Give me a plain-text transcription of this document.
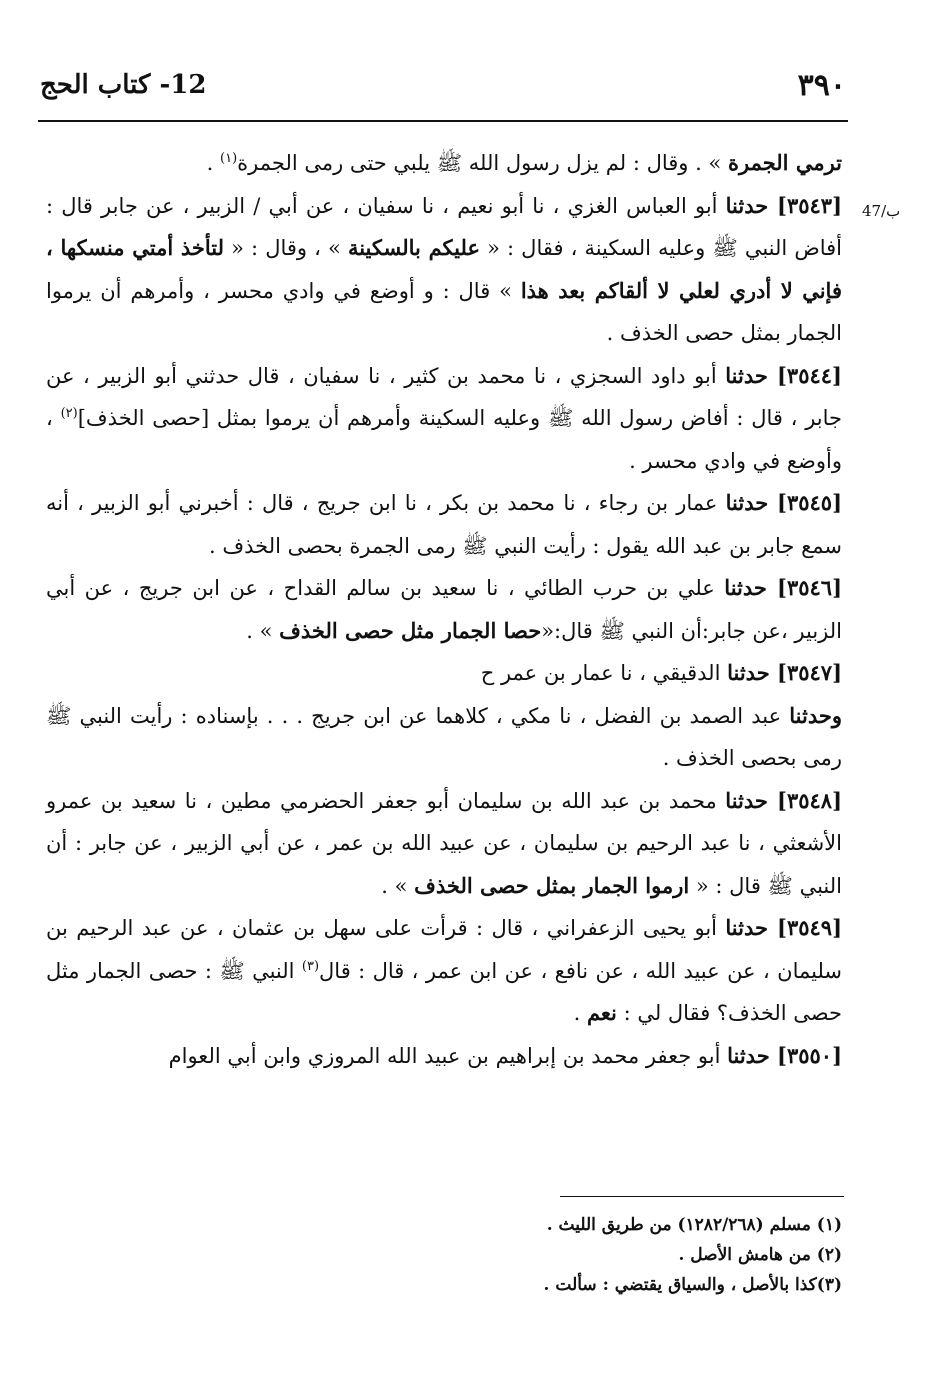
٣٩٠
12- كتاب الحج
47/ب

ترمي الجمرة » . وقال : لم يزل رسول الله ﷺ يلبي حتى رمى الجمرة$^{(١)}$ .

[٣٥٤٣] حدثنا أبو العباس الغزي ، نا أبو نعيم ، نا سفيان ، عن أبي / الزبير ، عن جابر قال : أفاض النبي ﷺ وعليه السكينة ، فقال : « عليكم بالسكينة » ، وقال : « لتأخذ أمتي منسكها ، فإني لا أدري لعلي لا ألقاكم بعد هذا » قال : و أوضع في وادي محسر ، وأمرهم أن يرموا الجمار بمثل حصى الخذف .

[٣٥٤٤] حدثنا أبو داود السجزي ، نا محمد بن كثير ، نا سفيان ، قال حدثني أبو الزبير ، عن جابر ، قال : أفاض رسول الله ﷺ وعليه السكينة وأمرهم أن يرموا بمثل [حصى الخذف]$^{(٢)}$ ، وأوضع في وادي محسر .

[٣٥٤٥] حدثنا عمار بن رجاء ، نا محمد بن بكر ، نا ابن جريج ، قال : أخبرني أبو الزبير ، أنه سمع جابر بن عبد الله يقول : رأيت النبي ﷺ رمى الجمرة بحصى الخذف .

[٣٥٤٦] حدثنا علي بن حرب الطائي ، نا سعيد بن سالم القداح ، عن ابن جريج ، عن أبي الزبير ،عن جابر:أن النبي ﷺ قال:«حصا الجمار مثل حصى الخذف » .

[٣٥٤٧] حدثنا الدقيقي ، نا عمار بن عمر ح

وحدثنا عبد الصمد بن الفضل ، نا مكي ، كلاهما عن ابن جريج . . . بإسناده : رأيت النبي ﷺ رمى بحصى الخذف .

[٣٥٤٨] حدثنا محمد بن عبد الله بن سليمان أبو جعفر الحضرمي مطين ، نا سعيد بن عمرو الأشعثي ، نا عبد الرحيم بن سليمان ، عن عبيد الله بن عمر ، عن أبي الزبير ، عن جابر : أن النبي ﷺ قال : « ارموا الجمار بمثل حصى الخذف » .

[٣٥٤٩] حدثنا أبو يحيى الزعفراني ، قال : قرأت على سهل بن عثمان ، عن عبد الرحيم بن سليمان ، عن عبيد الله ، عن نافع ، عن ابن عمر ، قال : قال$^{(٣)}$ النبي ﷺ : حصى الجمار مثل حصى الخذف؟ فقال لي : نعم .

[٣٥٥٠] حدثنا أبو جعفر محمد بن إبراهيم بن عبيد الله المروزي وابن أبي العوام

(١) مسلم (١٢٨٢/٢٦٨) من طريق الليث .

(٢) من هامش الأصل .

(٣)كذا بالأصل ، والسياق يقتضي : سألت .
